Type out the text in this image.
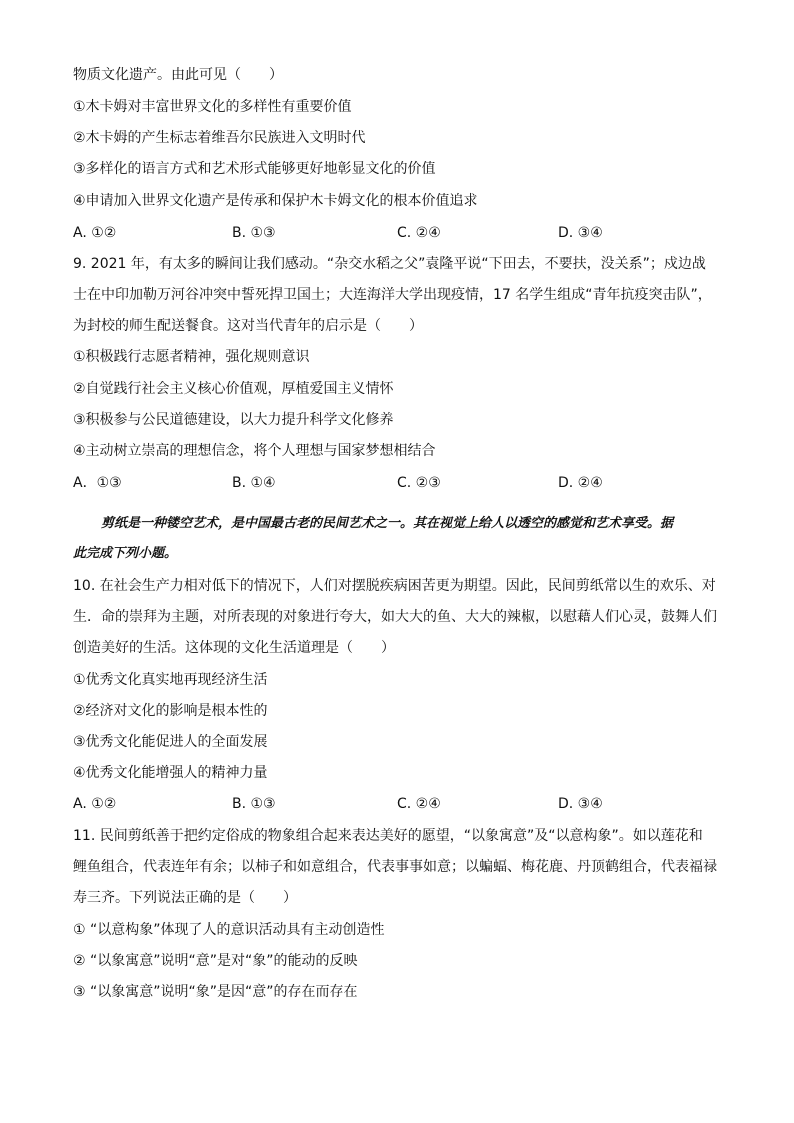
物质文化遗产。由此可见（　　）
①木卡姆对丰富世界文化的多样性有重要价值
②木卡姆的产生标志着维吾尔民族进入文明时代
③多样化的语言方式和艺术形式能够更好地彰显文化的价值
④申请加入世界文化遗产是传承和保护木卡姆文化的根本价值追求
A. ①②	B. ①③	C. ②④	D. ③④
9. 2021 年，有太多的瞬间让我们感动。“杂交水稻之父”袁隆平说“下田去，不要扶，没关系”；戍边战
士在中印加勒万河谷冲突中誓死捍卫国土；大连海洋大学出现疫情，17 名学生组成“青年抗疫突击队”，
为封校的师生配送餐食。这对当代青年的启示是（　　）
①积极践行志愿者精神，强化规则意识
②自觉践行社会主义核心价值观，厚植爱国主义情怀
③积极参与公民道德建设，以大力提升科学文化修养
④主动树立崇高的理想信念，将个人理想与国家梦想相结合
A．①③	B. ①④	C. ②③	D. ②④
剪纸是一种镂空艺术，是中国最古老的民间艺术之一。其在视觉上给人以透空的感觉和艺术享受。据
此完成下列小题。
10. 在社会生产力相对低下的情况下，人们对摆脱疾病困苦更为期望。因此，民间剪纸常以生的欢乐、对
生．命的崇拜为主题，对所表现的对象进行夸大，如大大的鱼、大大的辣椒，以慰藉人们心灵，鼓舞人们
创造美好的生活。这体现的文化生活道理是（　　）
①优秀文化真实地再现经济生活
②经济对文化的影响是根本性的
③优秀文化能促进人的全面发展
④优秀文化能增强人的精神力量
A. ①②	B. ①③	C. ②④	D. ③④
11. 民间剪纸善于把约定俗成的物象组合起来表达美好的愿望，“以象寓意”及“以意构象”。如以莲花和
鲤鱼组合，代表连年有余；以柿子和如意组合，代表事事如意；以蝙蝠、梅花鹿、丹顶鹤组合，代表福禄
寿三齐。下列说法正确的是（　　）
① “以意构象”体现了人的意识活动具有主动创造性
② “以象寓意”说明“意”是对“象”的能动的反映
③ “以象寓意”说明“象”是因“意”的存在而存在
